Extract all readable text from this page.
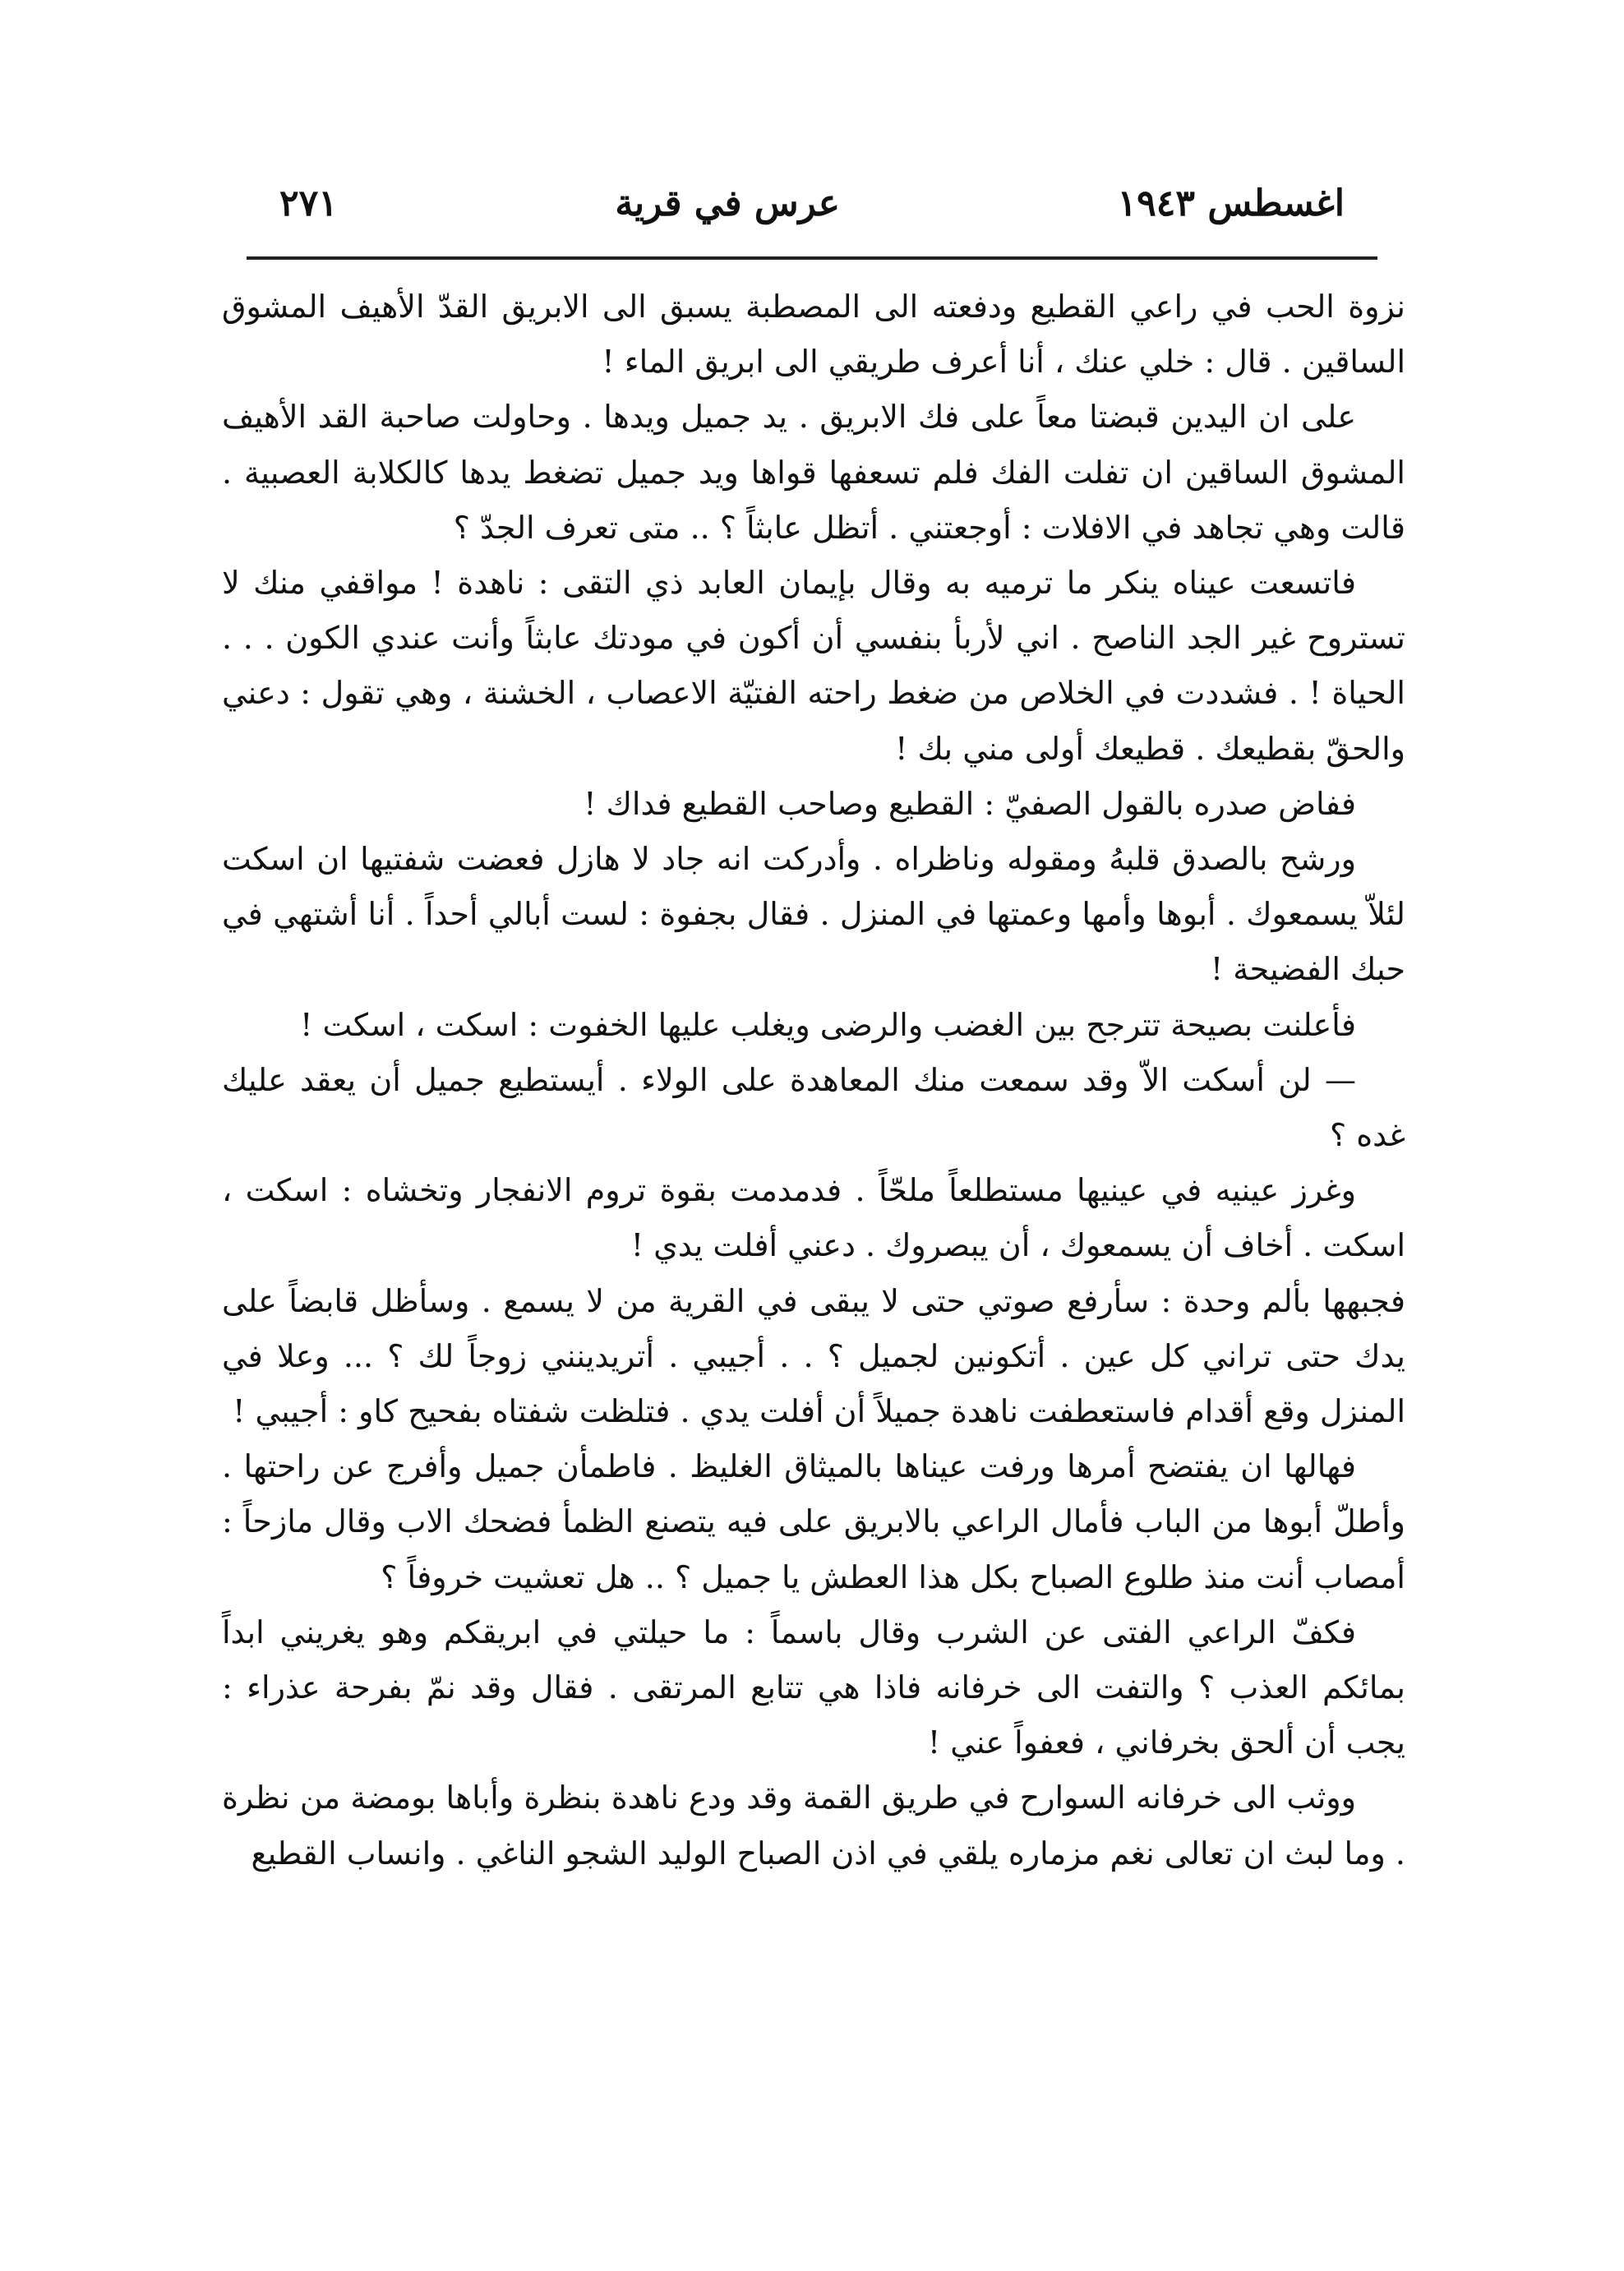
اغسطس ١٩٤٣
عرس في قرية
٢٧١

نزوة الحب في راعي القطيع ودفعته الى المصطبة يسبق الى الابريق القدّ الأهيف المشوق الساقين . قال : خلي عنك ، أنا أعرف طريقي الى ابريق الماء !

على ان اليدين قبضتا معاً على فك الابريق . يد جميل ويدها . وحاولت صاحبة القد الأهيف المشوق الساقين ان تفلت الفك فلم تسعفها قواها ويد جميل تضغط يدها كالكلابة العصبية . قالت وهي تجاهد في الافلات : أوجعتني . أتظل عابثاً ؟ .. متى تعرف الجدّ ؟

فاتسعت عيناه ينكر ما ترميه به وقال بإيمان العابد ذي التقى : ناهدة ! مواقفي منك لا تستروح غير الجد الناصح . اني لأربأ بنفسي أن أكون في مودتك عابثاً وأنت عندي الكون . . . الحياة ! . فشددت في الخلاص من ضغط راحته الفتيّة الاعصاب ، الخشنة ، وهي تقول : دعني والحقّ بقطيعك . قطيعك أولى مني بك !

ففاض صدره بالقول الصفيّ : القطيع وصاحب القطيع فداك !

ورشح بالصدق قلبهُ ومقوله وناظراه . وأدركت انه جاد لا هازل فعضت شفتيها ان اسكت لئلاّ يسمعوك . أبوها وأمها وعمتها في المنزل . فقال بجفوة : لست أبالي أحداً . أنا أشتهي في حبك الفضيحة !

فأعلنت بصيحة تترجح بين الغضب والرضى ويغلب عليها الخفوت : اسكت ، اسكت !

— لن أسكت الاّ وقد سمعت منك المعاهدة على الولاء . أيستطيع جميل أن يعقد عليك غده ؟

وغرز عينيه في عينيها مستطلعاً ملحّاً . فدمدمت بقوة تروم الانفجار وتخشاه : اسكت ، اسكت . أخاف أن يسمعوك ، أن يبصروك . دعني أفلت يدي !

فجبهها بألم وحدة : سأرفع صوتي حتى لا يبقى في القرية من لا يسمع . وسأظل قابضاً على يدك حتى تراني كل عين . أتكونين لجميل ؟ . . أجيبي . أتريدينني زوجاً لك ؟ ... وعلا في المنزل وقع أقدام فاستعطفت ناهدة جميلاً أن أفلت يدي . فتلظت شفتاه بفحيح كاو : أجيبي !

فهالها ان يفتضح أمرها ورفت عيناها بالميثاق الغليظ . فاطمأن جميل وأفرج عن راحتها . وأطلّ أبوها من الباب فأمال الراعي بالابريق على فيه يتصنع الظمأ فضحك الاب وقال مازحاً : أمصاب أنت منذ طلوع الصباح بكل هذا العطش يا جميل ؟ .. هل تعشيت خروفاً ؟

فكفّ الراعي الفتى عن الشرب وقال باسماً : ما حيلتي في ابريقكم وهو يغريني ابداً بمائكم العذب ؟ والتفت الى خرفانه فاذا هي تتابع المرتقى . فقال وقد نمّ بفرحة عذراء : يجب أن ألحق بخرفاني ، فعفواً عني !

ووثب الى خرفانه السوارح في طريق القمة وقد ودع ناهدة بنظرة وأباها بومضة من نظرة . وما لبث ان تعالى نغم مزماره يلقي في اذن الصباح الوليد الشجو الناغي . وانساب القطيع
